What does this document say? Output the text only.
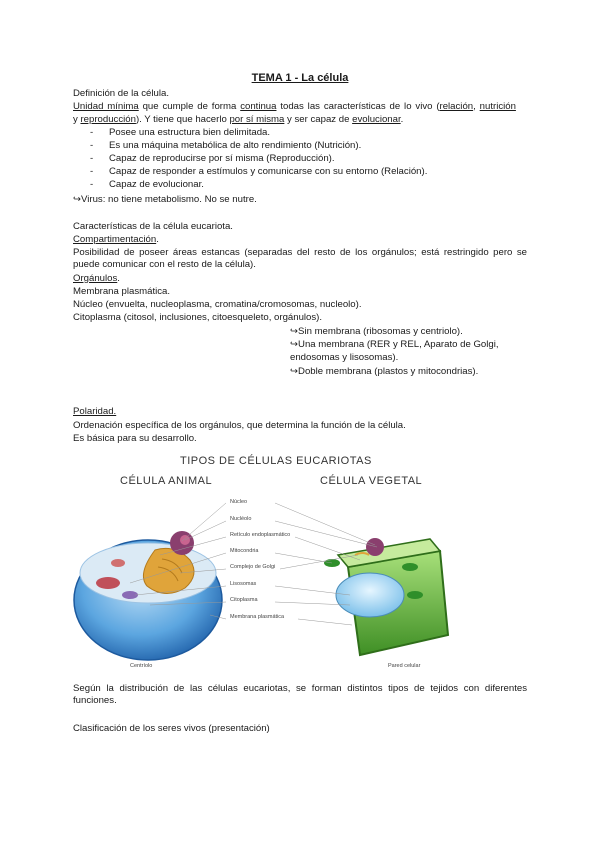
TEMA 1 - La célula
Definición de la célula.
Unidad mínima que cumple de forma continua todas las características de lo vivo (relación, nutrición
y reproducción). Y tiene que hacerlo por sí misma y ser capaz de evolucionar.
- Posee una estructura bien delimitada.
- Es una máquina metabólica de alto rendimiento (Nutrición).
- Capaz de reproducirse por sí misma (Reproducción).
- Capaz de responder a estímulos y comunicarse con su entorno (Relación).
- Capaz de evolucionar.
↪Virus: no tiene metabolismo. No se nutre.
Características de la célula eucariota.
Compartimentación.
Posibilidad de poseer áreas estancas (separadas del resto de los orgánulos; está restringido pero se puede comunicar con el resto de la célula).
Orgánulos.
Membrana plasmática.
Núcleo (envuelta, nucleoplasma, cromatina/cromosomas, nucleolo).
Citoplasma (citosol, inclusiones, citoesqueleto, orgánulos).
↪Sin membrana (ribosomas y centriolo).
↪Una membrana (RER y REL, Aparato de Golgi,
endosomas y lisosomas).
↪Doble membrana (plastos y mitocondrias).
Polaridad.
Ordenación específica de los orgánulos, que determina la función de la célula.
Es básica para su desarrollo.
TIPOS DE CÉLULAS EUCARIOTAS
CÉLULA ANIMAL	CÉLULA VEGETAL
Núcleo
Nucléolo
Retículo endoplasmático
Mitocondria
Complejo de Golgi
Lisosomas
Citoplasma
Membrana plasmática
Centríolo	Pared celular
Según la distribución de las células eucariotas, se forman distintos tipos de tejidos con diferentes funciones.
Clasificación de los seres vivos (presentación)
